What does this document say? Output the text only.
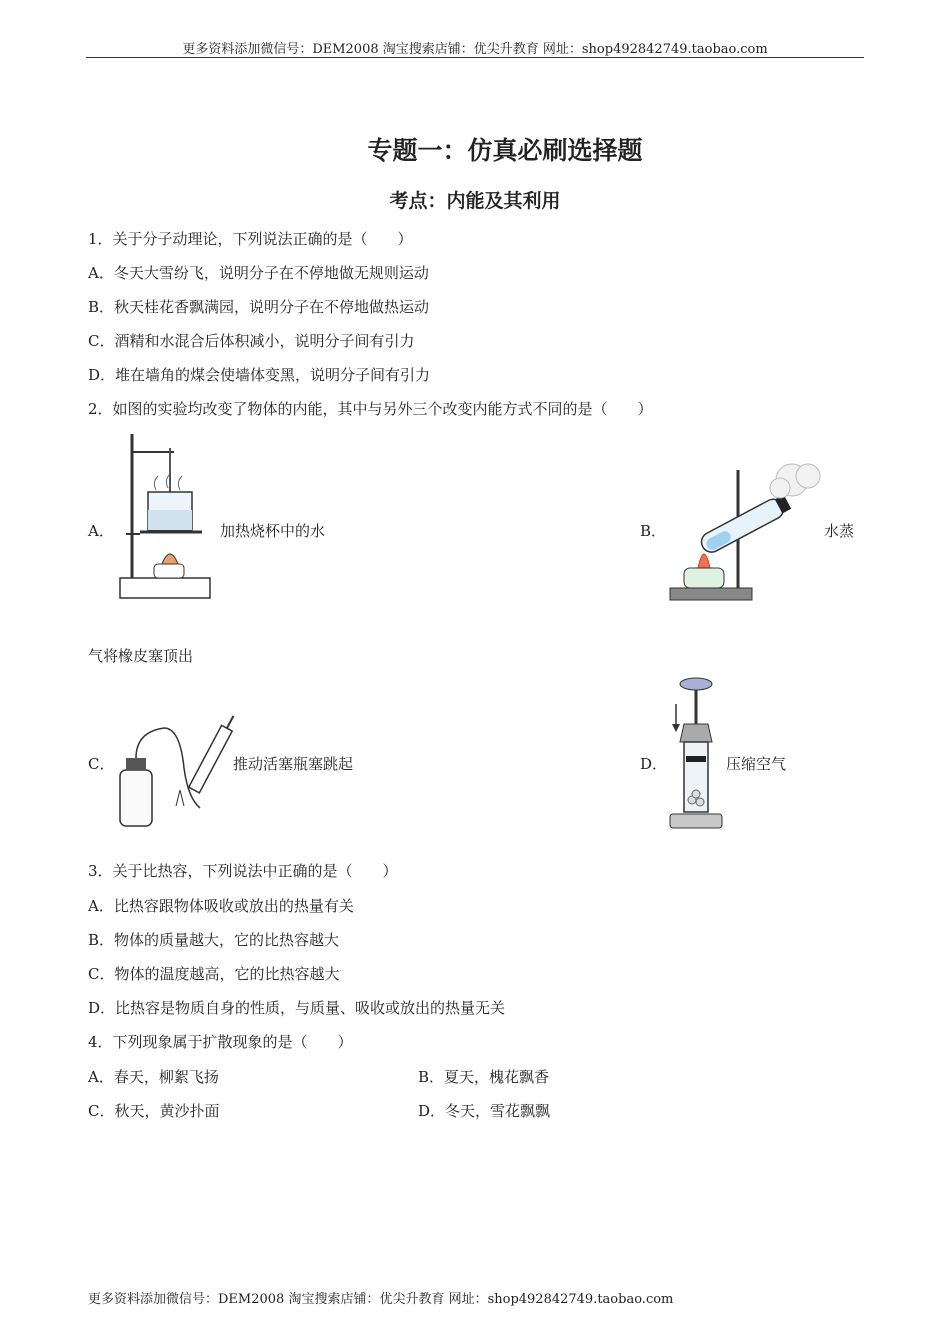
更多资料添加微信号：DEM2008 淘宝搜索店铺：优尖升教育 网址：shop492842749.taobao.com
专题一：仿真必刷选择题
考点：内能及其利用
1．关于分子动理论，下列说法正确的是（　　）
A．冬天大雪纷飞，说明分子在不停地做无规则运动
B．秋天桂花香飘满园，说明分子在不停地做热运动
C．酒精和水混合后体积减小，说明分子间有引力
D．堆在墙角的煤会使墙体变黑，说明分子间有引力
2．如图的实验均改变了物体的内能，其中与另外三个改变内能方式不同的是（　　）
A．	加热烧杯中的水	B．	水蒸
气将橡皮塞顶出
C．	推动活塞瓶塞跳起	D．	压缩空气
3．关于比热容，下列说法中正确的是（　　）
A．比热容跟物体吸收或放出的热量有关
B．物体的质量越大，它的比热容越大
C．物体的温度越高，它的比热容越大
D．比热容是物质自身的性质，与质量、吸收或放出的热量无关
4．下列现象属于扩散现象的是（　　）
A．春天，柳絮飞扬	B．夏天，槐花飘香
C．秋天，黄沙扑面	D．冬天，雪花飘飘
更多资料添加微信号：DEM2008 淘宝搜索店铺：优尖升教育 网址：shop492842749.taobao.com
